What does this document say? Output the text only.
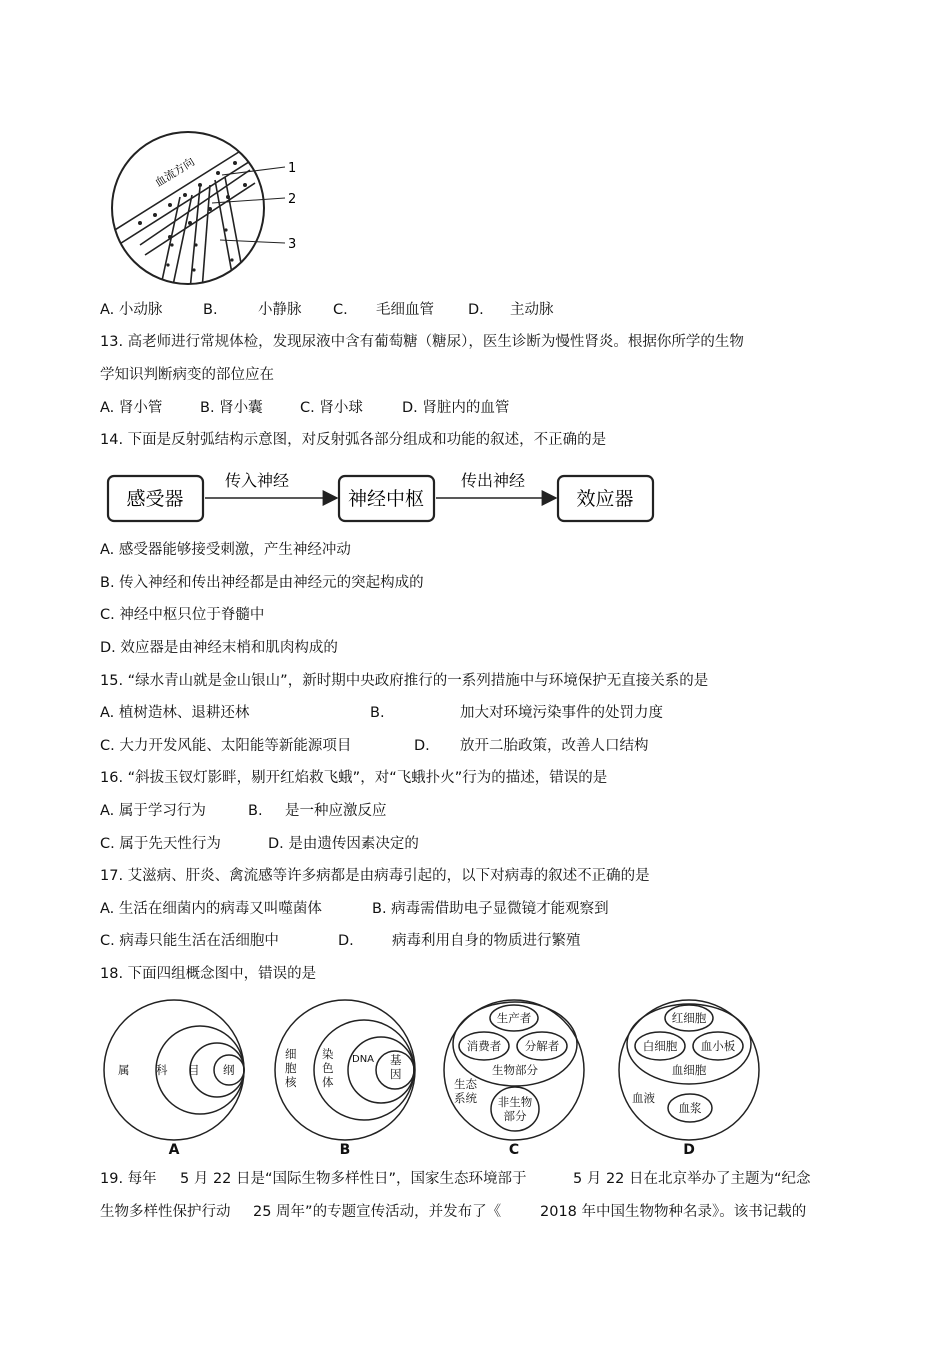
血流方向	1
2
3
A. 小动脉	B.	小静脉 C. 毛细血管 D. 主动脉
13. 高老师进行常规体检，发现尿液中含有葡萄糖（糖尿），医生诊断为慢性肾炎。根据你所学的生物
学知识判断病变的部位应在
A. 肾小管	B. 肾小囊	C. 肾小球	D. 肾脏内的血管
14. 下面是反射弧结构示意图，对反射弧各部分组成和功能的叙述，不正确的是
感受器
传入神经
神经中枢
传出神经
效应器
A. 感受器能够接受刺激，产生神经冲动
B. 传入神经和传出神经都是由神经元的突起构成的
C. 神经中枢只位于脊髓中
D. 效应器是由神经末梢和肌肉构成的
15. “绿水青山就是金山银山”，新时期中央政府推行的一系列措施中与环境保护无直接关系的是
A. 植树造林、退耕还林	B.	加大对环境污染事件的处罚力度
C. 大力开发风能、太阳能等新能源项目	D. 放开二胎政策，改善人口结构
16. “斜拔玉钗灯影畔，剔开红焰救飞蛾”，对“飞蛾扑火”行为的描述，错误的是
A. 属于学习行为	B. 是一种应激反应
C. 属于先天性行为	D. 是由遗传因素决定的
17. 艾滋病、肝炎、禽流感等许多病都是由病毒引起的，以下对病毒的叙述不正确的是
A. 生活在细菌内的病毒又叫噬菌体	B. 病毒需借助电子显微镜才能观察到
C. 病毒只能生活在活细胞中	D.	病毒利用自身的物质进行繁殖
18. 下面四组概念图中，错误的是
属 科 目 纲
细
胞
核
染
色
体
DNA 基
因
生产者
消费者 分解者
生物部分
生态
系统 非生物
部分
红细胞
白细胞 血小板
血细胞
血液
血浆
A	B	C	D
19. 每年 5 月 22 日是“国际生物多样性日”，国家生态环境部于	5 月 22 日在北京举办了主题为“纪念
生物多样性保护行动 25 周年”的专题宣传活动，并发布了《	2018 年中国生物物种名录》。该书记载的
